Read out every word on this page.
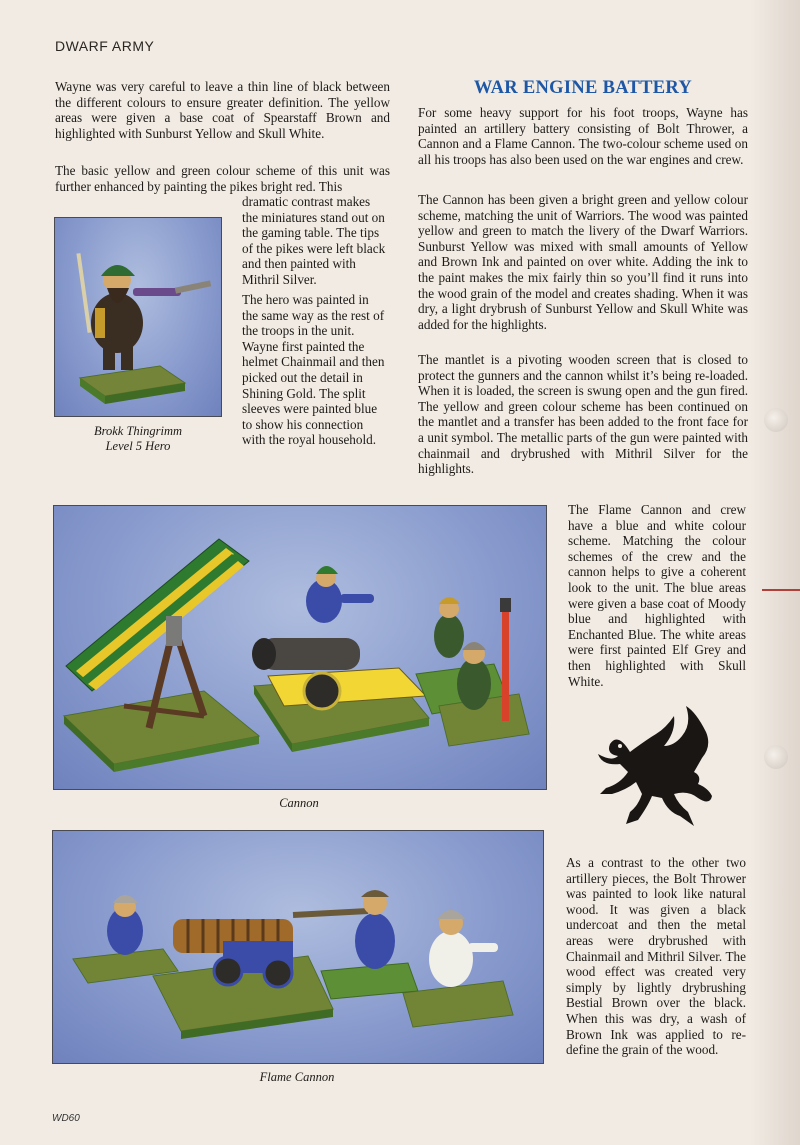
DWARF ARMY

Wayne was very careful to leave a thin line of black between the different colours to ensure greater definition. The yellow areas were given a base coat of Spearstaff Brown and highlighted with Sunburst Yellow and Skull White.

The basic yellow and green colour scheme of this unit was further enhanced by painting the pikes bright red. This

dramatic contrast makes the miniatures stand out on the gaming table. The tips of the pikes were left black and then painted with Mithril Silver.

The hero was painted in the same way as the rest of the troops in the unit. Wayne first painted the helmet Chainmail and then picked out the detail in Shining Gold. The split sleeves were painted blue to show his connection with the royal household.

Brokk Thingrimm
Level 5 Hero
WAR ENGINE BATTERY

For some heavy support for his foot troops, Wayne has painted an artillery battery consisting of Bolt Thrower, a Cannon and a Flame Cannon. The two-colour scheme used on all his troops has also been used on the war engines and crew.

The Cannon has been given a bright green and yellow colour scheme, matching the unit of Warriors. The wood was painted yellow and green to match the livery of the Dwarf Warriors. Sunburst Yellow was mixed with small amounts of Yellow and Brown Ink and painted on over white. Adding the ink to the paint makes the mix fairly thin so you’ll find it runs into the wood grain of the model and creates shading. When it was dry, a light drybrush of Sunburst Yellow and Skull White was added for the highlights.

The mantlet is a pivoting wooden screen that is closed to protect the gunners and the cannon whilst it’s being re-loaded. When it is loaded, the screen is swung open and the gun fired. The yellow and green colour scheme has been continued on the mantlet and a transfer has been added to the front face for a unit symbol. The metallic parts of the gun were painted with chainmail and drybrushed with Mithril Silver for the highlights.

Cannon

The Flame Cannon and crew have a blue and white colour scheme. Matching the colour schemes of the crew and the cannon helps to give a coherent look to the unit. The blue areas were given a base coat of Moody blue and highlighted with Enchanted Blue. The white areas were first painted Elf Grey and then highlighted with Skull White.

Flame Cannon

As a contrast to the other two artillery pieces, the Bolt Thrower was painted to look like natural wood. It was given a black undercoat and then the metal areas were drybrushed with Chainmail and Mithril Silver. The wood effect was created very simply by lightly drybrushing Bestial Brown over the black. When this was dry, a wash of Brown Ink was applied to re-define the grain of the wood.

WD60
